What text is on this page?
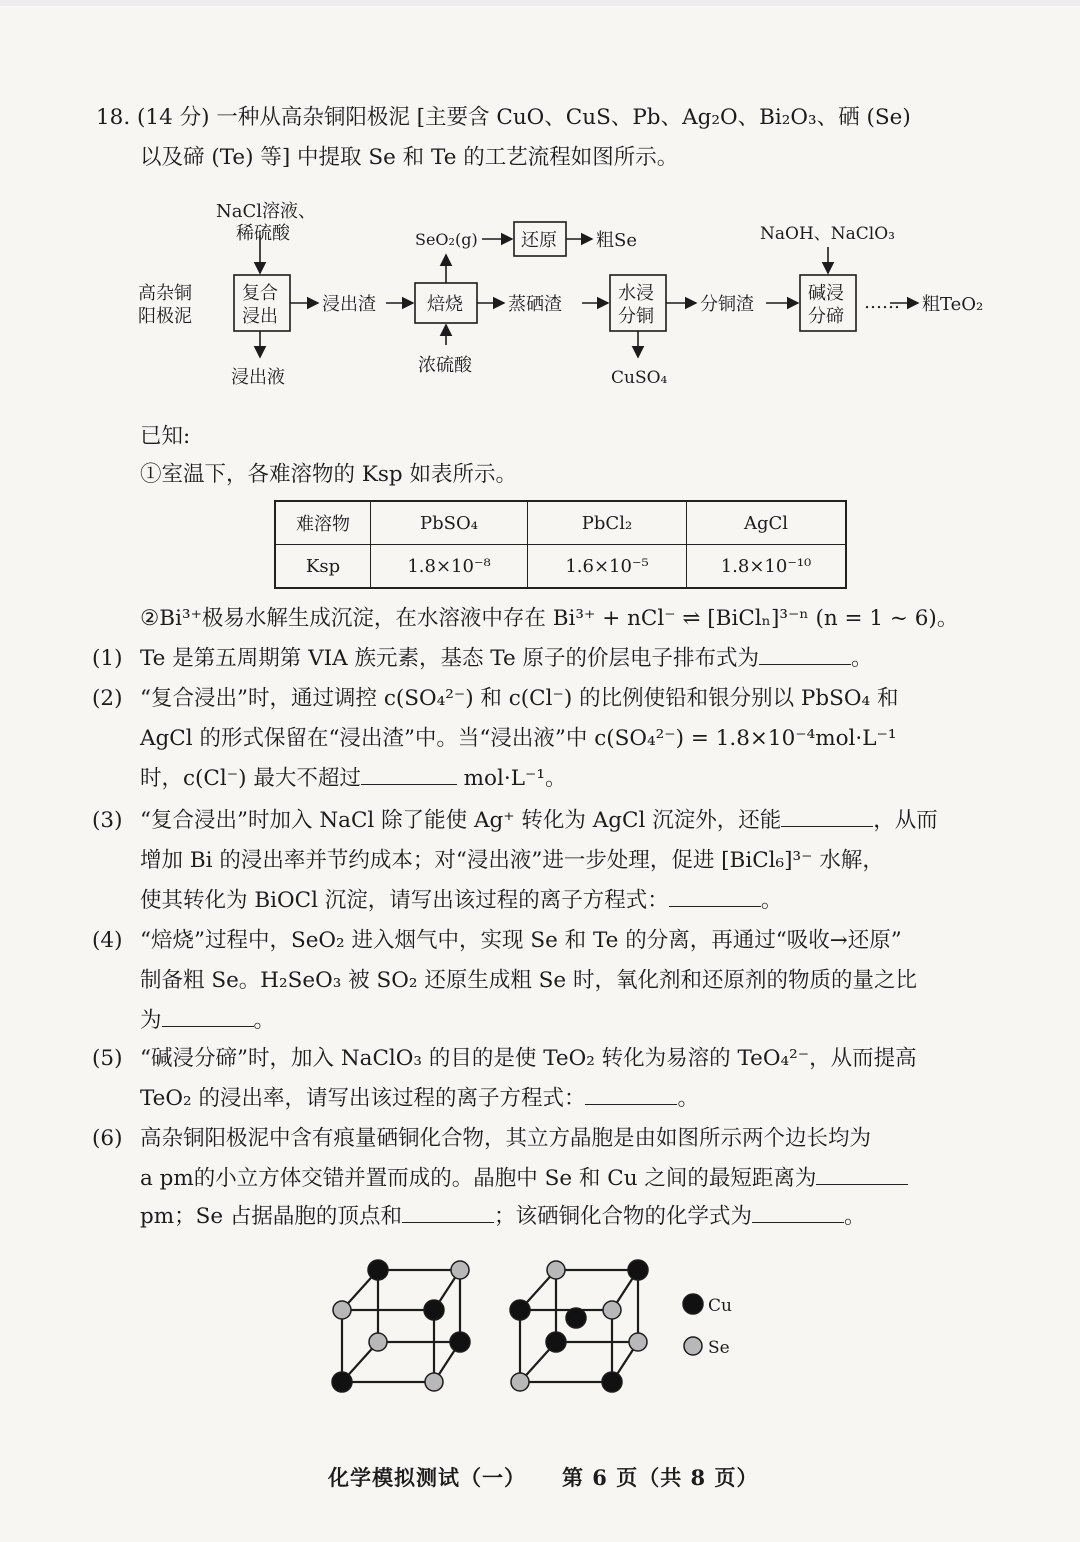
18. (14 分) 一种从高杂铜阳极泥 [主要含 CuO、CuS、Pb、Ag₂O、Bi₂O₃、硒 (Se)
以及碲 (Te) 等] 中提取 Se 和 Te 的工艺流程如图所示。
高杂铜
阳极泥
NaCl溶液、
稀硫酸
复合
浸出
浸出液
浸出渣	焙烧
浓硫酸
SeO₂(g) 还原 粗Se
蒸硒渣
水浸
分铜
CuSO₄
分铜渣
NaOH、NaClO₃
碱浸
分碲
…… 粗TeO₂
已知:
①室温下，各难溶物的 Ksp 如表所示。
难溶物	PbSO₄	PbCl₂	AgCl
Ksp	1.8×10⁻⁸	1.6×10⁻⁵	1.8×10⁻¹⁰
②Bi³⁺极易水解生成沉淀，在水溶液中存在 Bi³⁺ + nCl⁻ ⇌ [BiClₙ]³⁻ⁿ (n = 1 ~ 6)。
(1) Te 是第五周期第 VIA 族元素，基态 Te 原子的价层电子排布式为	。
(2) “复合浸出”时，通过调控 c(SO₄²⁻) 和 c(Cl⁻) 的比例使铅和银分别以 PbSO₄ 和
AgCl 的形式保留在“浸出渣”中。当“浸出液”中 c(SO₄²⁻) = 1.8×10⁻⁴mol·L⁻¹
时，c(Cl⁻) 最大不超过	mol·L⁻¹。
(3) “复合浸出”时加入 NaCl 除了能使 Ag⁺ 转化为 AgCl 沉淀外，还能	，从而
增加 Bi 的浸出率并节约成本；对“浸出液”进一步处理，促进 [BiCl₆]³⁻ 水解，
使其转化为 BiOCl 沉淀，请写出该过程的离子方程式：	。
(4) “焙烧”过程中，SeO₂ 进入烟气中，实现 Se 和 Te 的分离，再通过“吸收→还原”
制备粗 Se。H₂SeO₃ 被 SO₂ 还原生成粗 Se 时，氧化剂和还原剂的物质的量之比
为	。
(5) “碱浸分碲”时，加入 NaClO₃ 的目的是使 TeO₂ 转化为易溶的 TeO₄²⁻，从而提高
TeO₂ 的浸出率，请写出该过程的离子方程式：	。
(6) 高杂铜阳极泥中含有痕量硒铜化合物，其立方晶胞是由如图所示两个边长均为
a pm的小立方体交错并置而成的。晶胞中 Se 和 Cu 之间的最短距离为
pm；Se 占据晶胞的顶点和	；该硒铜化合物的化学式为	。
Cu
Se
化学模拟测试（一） 第 6 页（共 8 页）
